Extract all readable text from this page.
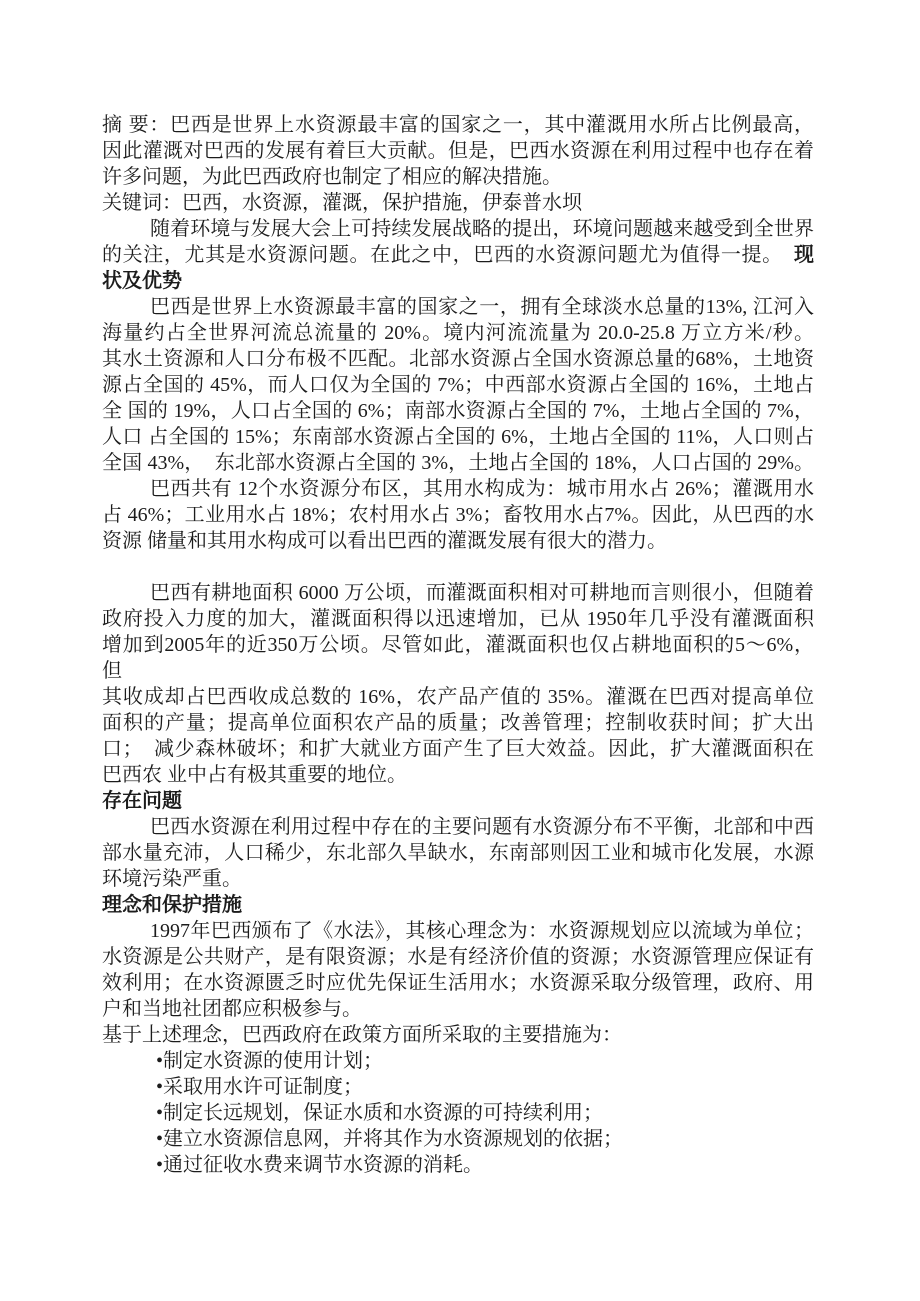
摘 要：巴西是世界上水资源最丰富的国家之一，其中灌溉用水所占比例最高，
因此灌溉对巴西的发展有着巨大贡献。但是，巴西水资源在利用过程中也存在着
许多问题，为此巴西政府也制定了相应的解决措施。
关键词：巴西，水资源，灌溉，保护措施，伊泰普水坝
随着环境与发展大会上可持续发展战略的提出，环境问题越来越受到全世界
的关注，尤其是水资源问题。在此之中，巴西的水资源问题尤为值得一提。  现
状及优势
巴西是世界上水资源最丰富的国家之一，拥有全球淡水总量的13%, 江河入
海量约占全世界河流总流量的 20%。境内河流流量为 20.0-25.8 万立方米/秒。
其水土资源和人口分布极不匹配。北部水资源占全国水资源总量的68%，土地资
源占全国的 45%，而人口仅为全国的 7%；中西部水资源占全国的 16%，土地占
全 国的 19%，人口占全国的 6%；南部水资源占全国的 7%，土地占全国的 7%，
人口 占全国的 15%；东南部水资源占全国的 6%，土地占全国的 11%，人口则占
全国 43%，  东北部水资源占全国的 3%，土地占全国的 18%，人口占国的 29%。
巴西共有 12个水资源分布区，其用水构成为：城市用水占 26%；灌溉用水
占 46%；工业用水占 18%；农村用水占 3%；畜牧用水占7%。因此，从巴西的水
资源 储量和其用水构成可以看出巴西的灌溉发展有很大的潜力。

巴西有耕地面积 6000 万公顷，而灌溉面积相对可耕地而言则很小，但随着
政府投入力度的加大，灌溉面积得以迅速增加，已从 1950年几乎没有灌溉面积
增加到2005年的近350万公顷。尽管如此，灌溉面积也仅占耕地面积的5～6%，  但
其收成却占巴西收成总数的 16%，农产品产值的 35%。灌溉在巴西对提高单位
面积的产量；提高单位面积农产品的质量；改善管理；控制收获时间；扩大出
口；  减少森林破坏；和扩大就业方面产生了巨大效益。因此，扩大灌溉面积在
巴西农 业中占有极其重要的地位。
存在问题
巴西水资源在利用过程中存在的主要问题有水资源分布不平衡，北部和中西
部水量充沛，人口稀少，东北部久旱缺水，东南部则因工业和城市化发展，水源
环境污染严重。
理念和保护措施
1997年巴西颁布了《水法》，其核心理念为：水资源规划应以流域为单位；
水资源是公共财产，是有限资源；水是有经济价值的资源；水资源管理应保证有
效利用；在水资源匮乏时应优先保证生活用水；水资源采取分级管理，政府、用
户和当地社团都应积极参与。
基于上述理念，巴西政府在政策方面所采取的主要措施为：
•制定水资源的使用计划；
•采取用水许可证制度；
•制定长远规划，保证水质和水资源的可持续利用；
•建立水资源信息网，并将其作为水资源规划的依据；
•通过征收水费来调节水资源的消耗。
